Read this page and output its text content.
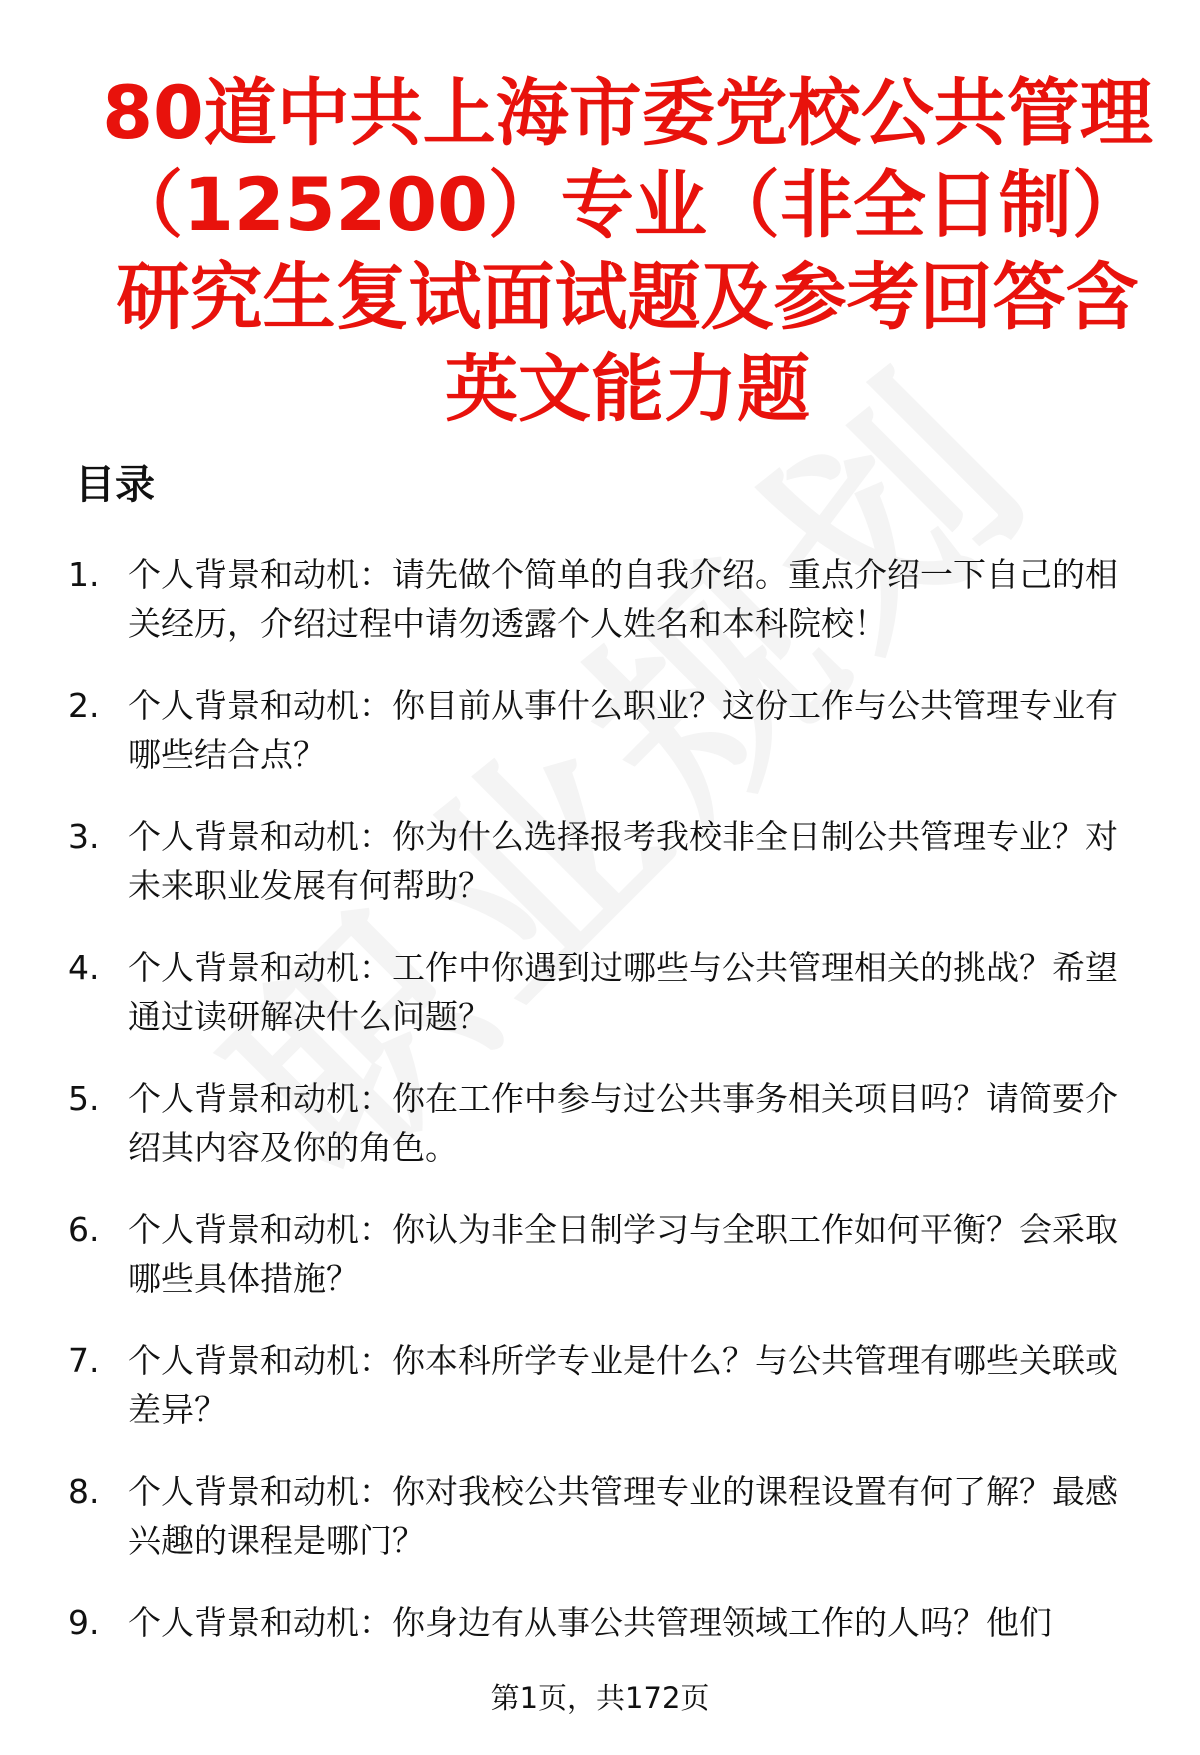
80道中共上海市委党校公共管理（125200）专业（非全日制）研究生复试面试题及参考回答含英文能力题
目录
1. 个人背景和动机：请先做个简单的自我介绍。重点介绍一下自己的相关经历，介绍过程中请勿透露个人姓名和本科院校！
2. 个人背景和动机：你目前从事什么职业？这份工作与公共管理专业有哪些结合点？
3. 个人背景和动机：你为什么选择报考我校非全日制公共管理专业？对未来职业发展有何帮助？
4. 个人背景和动机：工作中你遇到过哪些与公共管理相关的挑战？希望通过读研解决什么问题？
5. 个人背景和动机：你在工作中参与过公共事务相关项目吗？请简要介绍其内容及你的角色。
6. 个人背景和动机：你认为非全日制学习与全职工作如何平衡？会采取哪些具体措施？
7. 个人背景和动机：你本科所学专业是什么？与公共管理有哪些关联或差异？
8. 个人背景和动机：你对我校公共管理专业的课程设置有何了解？最感兴趣的课程是哪门？
9. 个人背景和动机：你身边有从事公共管理领域工作的人吗？他们
第1页，共172页
